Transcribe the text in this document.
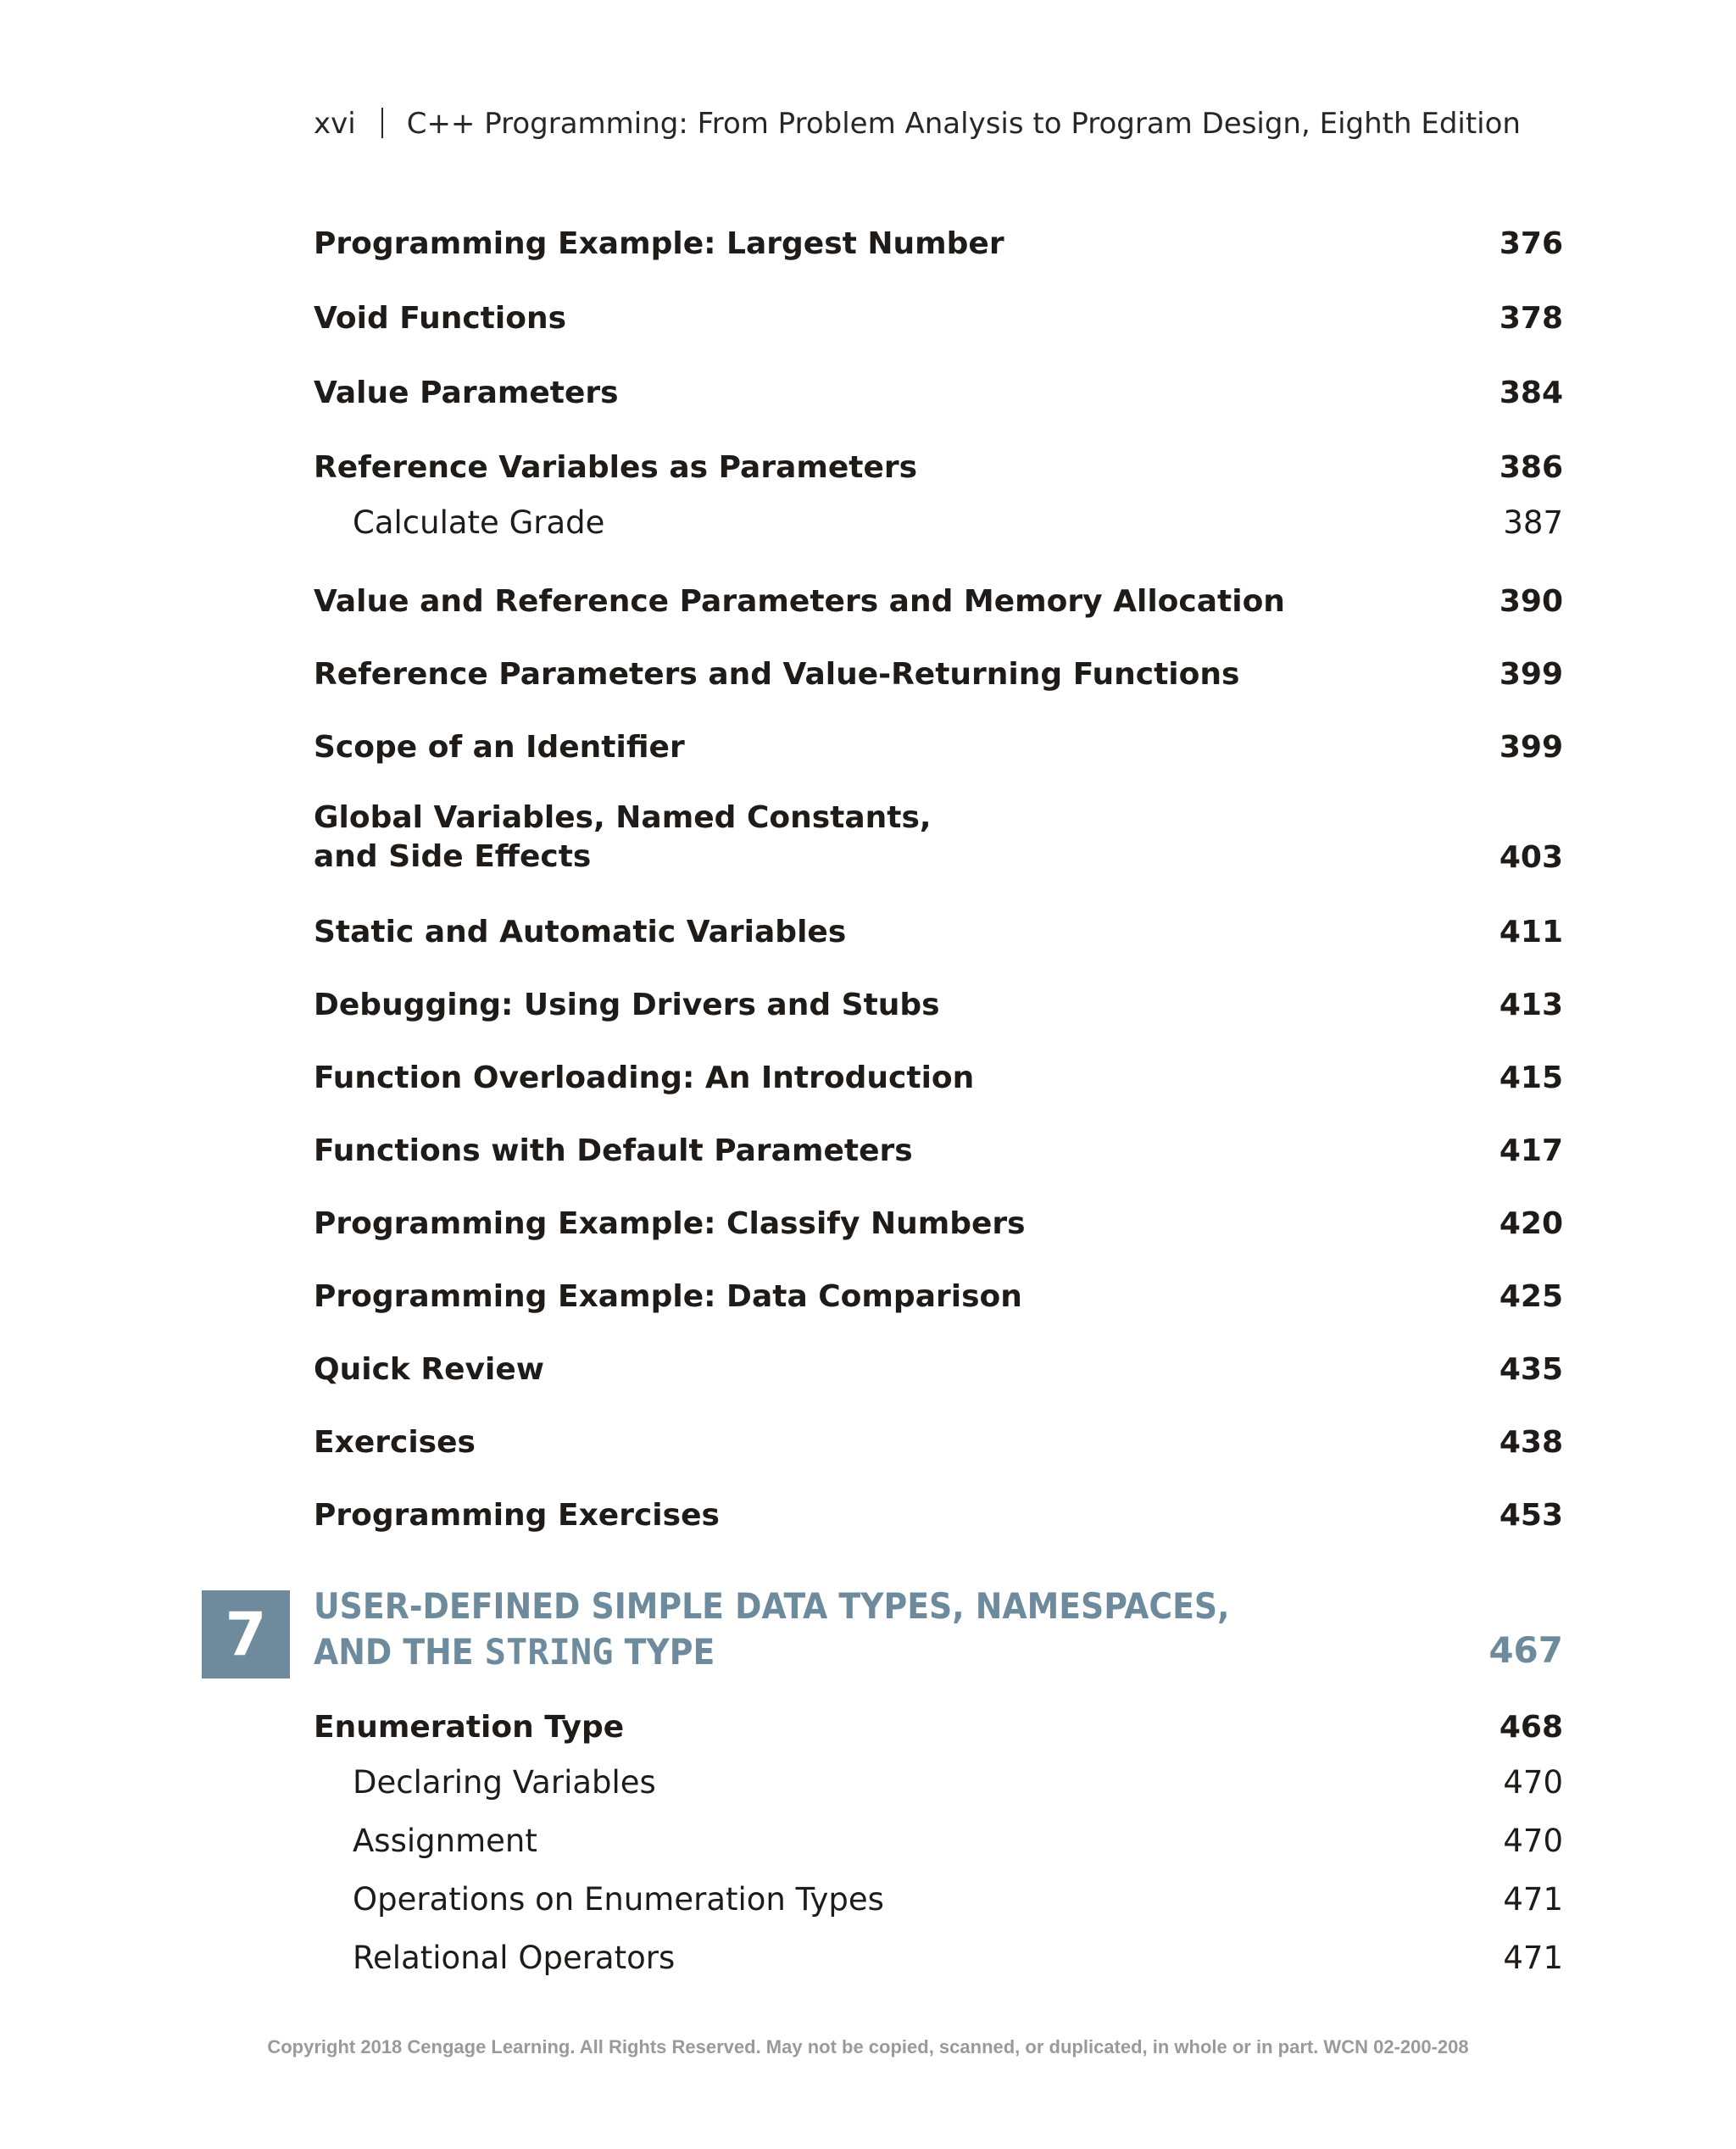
xvi C++ Programming: From Problem Analysis to Program Design, Eighth Edition
Programming Example: Largest Number	376
Void Functions	378
Value Parameters	384
Reference Variables as Parameters	386
Calculate Grade	387
Value and Reference Parameters and Memory Allocation	390
Reference Parameters and Value-Returning Functions	399
Scope of an Identifier	399
Global Variables, Named Constants,
and Side Effects	403
Static and Automatic Variables	411
Debugging: Using Drivers and Stubs	413
Function Overloading: An Introduction	415
Functions with Default Parameters	417
Programming Example: Classify Numbers	420
Programming Example: Data Comparison	425
Quick Review	435
Exercises	438
Programming Exercises	453
7	USER-DEFINED SIMPLE DATA TYPES, NAMESPACES,
AND THE STRING TYPE	467
Enumeration Type	468
Declaring Variables	470
Assignment	470
Operations on Enumeration Types	471
Relational Operators	471
Copyright 2018 Cengage Learning. All Rights Reserved. May not be copied, scanned, or duplicated, in whole or in part. WCN 02-200-208
